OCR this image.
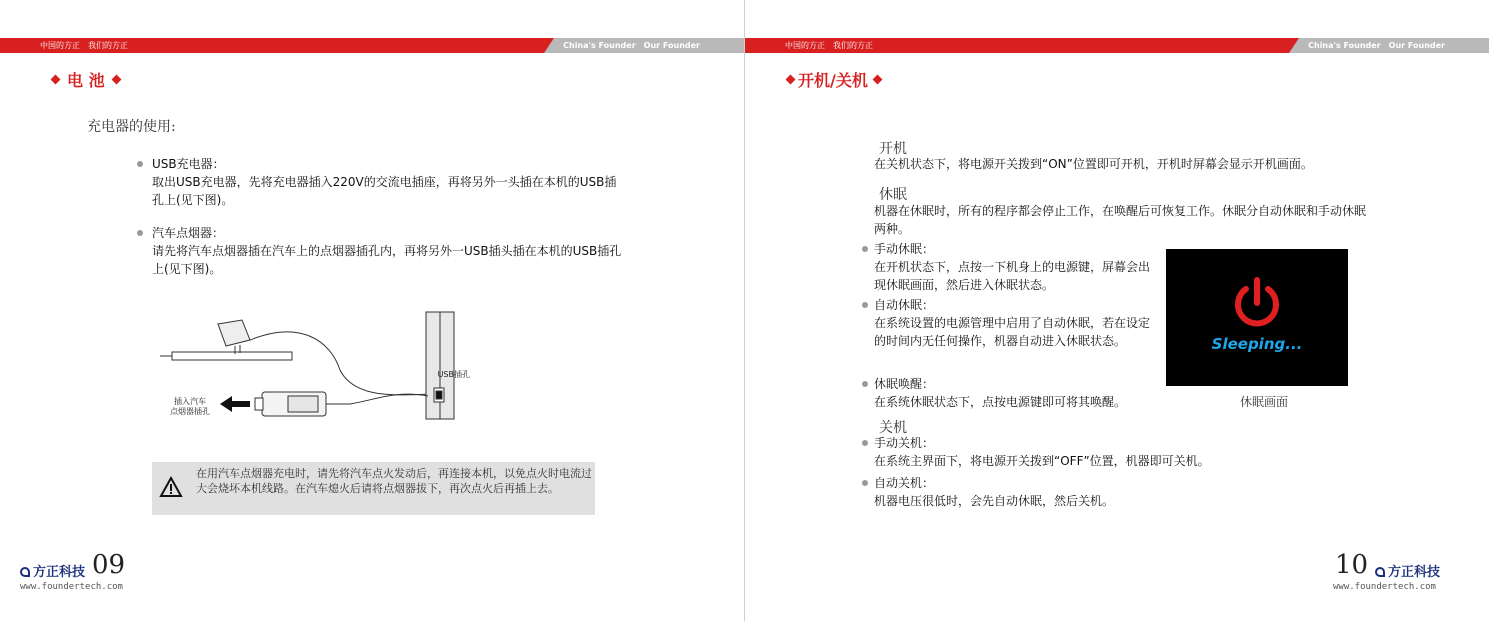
中国的方正　我们的方正	China's Founder　Our Founder
电 池
充电器的使用:
USB充电器：
取出USB充电器，先将充电器插入220V的交流电插座，再将另外一头插在本机的USB插孔上(见下图)。
汽车点烟器：
请先将汽车点烟器插在汽车上的点烟器插孔内，再将另外一USB插头插在本机的USB插孔上(见下图)。
USB插孔
插入汽车
点烟器插孔
在用汽车点烟器充电时，请先将汽车点火发动后，再连接本机，以免点火时电流过大会烧坏本机线路。在汽车熄火后请将点烟器拔下，再次点火后再插上去。
方正科技 09
www.foundertech.com
中国的方正　我们的方正	China's Founder　Our Founder
开机/关机
开机
在关机状态下，将电源开关拨到“ON”位置即可开机，开机时屏幕会显示开机画面。
休眠
机器在休眠时，所有的程序都会停止工作，在唤醒后可恢复工作。休眠分自动休眠和手动休眠两种。
手动休眠：
在开机状态下，点按一下机身上的电源键，屏幕会出现休眠画面，然后进入休眠状态。
自动休眠：
在系统设置的电源管理中启用了自动休眠，若在设定的时间内无任何操作，机器自动进入休眠状态。
休眠唤醒：
在系统休眠状态下，点按电源键即可将其唤醒。
Sleeping...
休眠画面
关机
手动关机：
在系统主界面下，将电源开关拨到“OFF”位置，机器即可关机。
自动关机：
机器电压很低时，会先自动休眠，然后关机。
10	方正科技
www.foundertech.com
